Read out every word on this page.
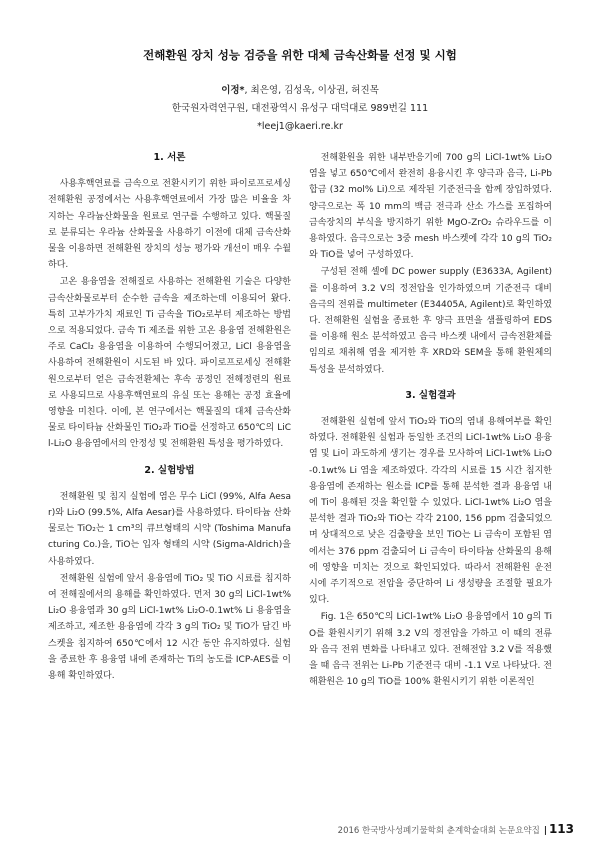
전해환원 장치 성능 검증을 위한 대체 금속산화물 선정 및 시험
이정*, 최은영, 김성욱, 이상권, 허진목
한국원자력연구원, 대전광역시 유성구 대덕대로 989번길 111
*leej1@kaeri.re.kr
1. 서론

사용후핵연료를 금속으로 전환시키기 위한 파이로프로세싱 전해환원 공정에서는 사용후핵연료에서 가장 많은 비율을 차지하는 우라늄산화물을 원료로 연구를 수행하고 있다. 핵물질로 분류되는 우라늄 산화물을 사용하기 이전에 대체 금속산화물을 이용하면 전해환원 장치의 성능 평가와 개선이 매우 수월하다.

고온 용융염을 전해질로 사용하는 전해환원 기술은 다양한 금속산화물로부터 순수한 금속을 제조하는데 이용되어 왔다. 특히 고부가가치 재료인 Ti 금속을 TiO₂로부터 제조하는 방법으로 적용되었다. 금속 Ti 제조를 위한 고온 용융염 전해환원은 주로 CaCl₂ 용융염을 이용하여 수행되어졌고, LiCl 용융염을 사용하여 전해환원이 시도된 바 있다. 파이로프로세싱 전해환원으로부터 얻은 금속전환체는 후속 공정인 전해정련의 원료로 사용되므로 사용후핵연료의 유실 또는 용해는 공정 효율에 영향을 미친다. 이에, 본 연구에서는 핵물질의 대체 금속산화물로 타이타늄 산화물인 TiO₂과 TiO를 선정하고 650℃의 LiCl-Li₂O 용융염에서의 안정성 및 전해환원 특성을 평가하였다.

2. 실험방법

전해환원 및 침지 실험에 염은 무수 LiCl (99%, Alfa Aesar)와 Li₂O (99.5%, Alfa Aesar)를 사용하였다. 타이타늄 산화물로는 TiO₂는 1 cm³의 큐브형태의 시약 (Toshima Manufacturing Co.)을, TiO는 입자 형태의 시약 (Sigma-Aldrich)을 사용하였다.

전해환원 실험에 앞서 용융염에 TiO₂ 및 TiO 시료를 침지하여 전해질에서의 용해를 확인하였다. 먼저 30 g의 LiCl-1wt% Li₂O 용융염과 30 g의 LiCl-1wt% Li₂O-0.1wt% Li 용융염을 제조하고, 제조한 용융염에 각각 3 g의 TiO₂ 및 TiO가 담긴 바스켓을 침지하여 650℃에서 12 시간 동안 유지하였다. 실험을 종료한 후 용융염 내에 존재하는 Ti의 농도를 ICP-AES를 이용해 확인하였다.

전해환원을 위한 내부반응기에 700 g의 LiCl-1wt% Li₂O 염을 넣고 650℃에서 완전히 용융시킨 후 양극과 음극, Li-Pb 합금 (32 mol% Li)으로 제작된 기준전극을 함께 장입하였다. 양극으로는 폭 10 mm의 백금 전극과 산소 가스를 포집하여 금속장치의 부식을 방지하기 위한 MgO-ZrO₂ 슈라우드를 이용하였다. 음극으로는 3중 mesh 바스켓에 각각 10 g의 TiO₂와 TiO를 넣어 구성하였다.

구성된 전해 셀에 DC power supply (E3633A, Agilent)를 이용하여 3.2 V의 정전압을 인가하였으며 기준전극 대비 음극의 전위를 multimeter (E34405A, Agilent)로 확인하였다. 전해환원 실험을 종료한 후 양극 표면을 샘플링하여 EDS를 이용해 원소 분석하였고 음극 바스켓 내에서 금속전환체를 임의로 채취해 염을 제거한 후 XRD와 SEM을 통해 환원체의 특성을 분석하였다.

3. 실험결과

전해환원 실험에 앞서 TiO₂와 TiO의 염내 용해여부를 확인하였다. 전해환원 실험과 동일한 조건의 LiCl-1wt% Li₂O 용융염 및 Li이 과도하게 생기는 경우를 모사하여 LiCl-1wt% Li₂O-0.1wt% Li 염을 제조하였다. 각각의 시료를 15 시간 침지한 용융염에 존재하는 원소를 ICP를 통해 분석한 결과 용융염 내에 Ti이 용해된 것을 확인할 수 있었다. LiCl-1wt% Li₂O 염을 분석한 결과 TiO₂와 TiO는 각각 2100, 156 ppm 검출되었으며 상대적으로 낮은 검출량을 보인 TiO는 Li 금속이 포함된 염에서는 376 ppm 검출되어 Li 금속이 타이타늄 산화물의 용해에 영향을 미치는 것으로 확인되었다. 따라서 전해환원 운전 시에 주기적으로 전압을 중단하여 Li 생성량을 조절할 필요가 있다.

Fig. 1은 650℃의 LiCl-1wt% Li₂O 용융염에서 10 g의 TiO를 환원시키기 위해 3.2 V의 정전압을 가하고 이 때의 전류와 음극 전위 변화를 나타내고 있다. 전해전압 3.2 V를 적용했을 때 음극 전위는 Li-Pb 기준전극 대비 -1.1 V로 나타났다. 전해환원은 10 g의 TiO를 100% 환원시키기 위한 이론적인

2016 한국방사성폐기물학회 춘계학술대회 논문요약집 | 113
